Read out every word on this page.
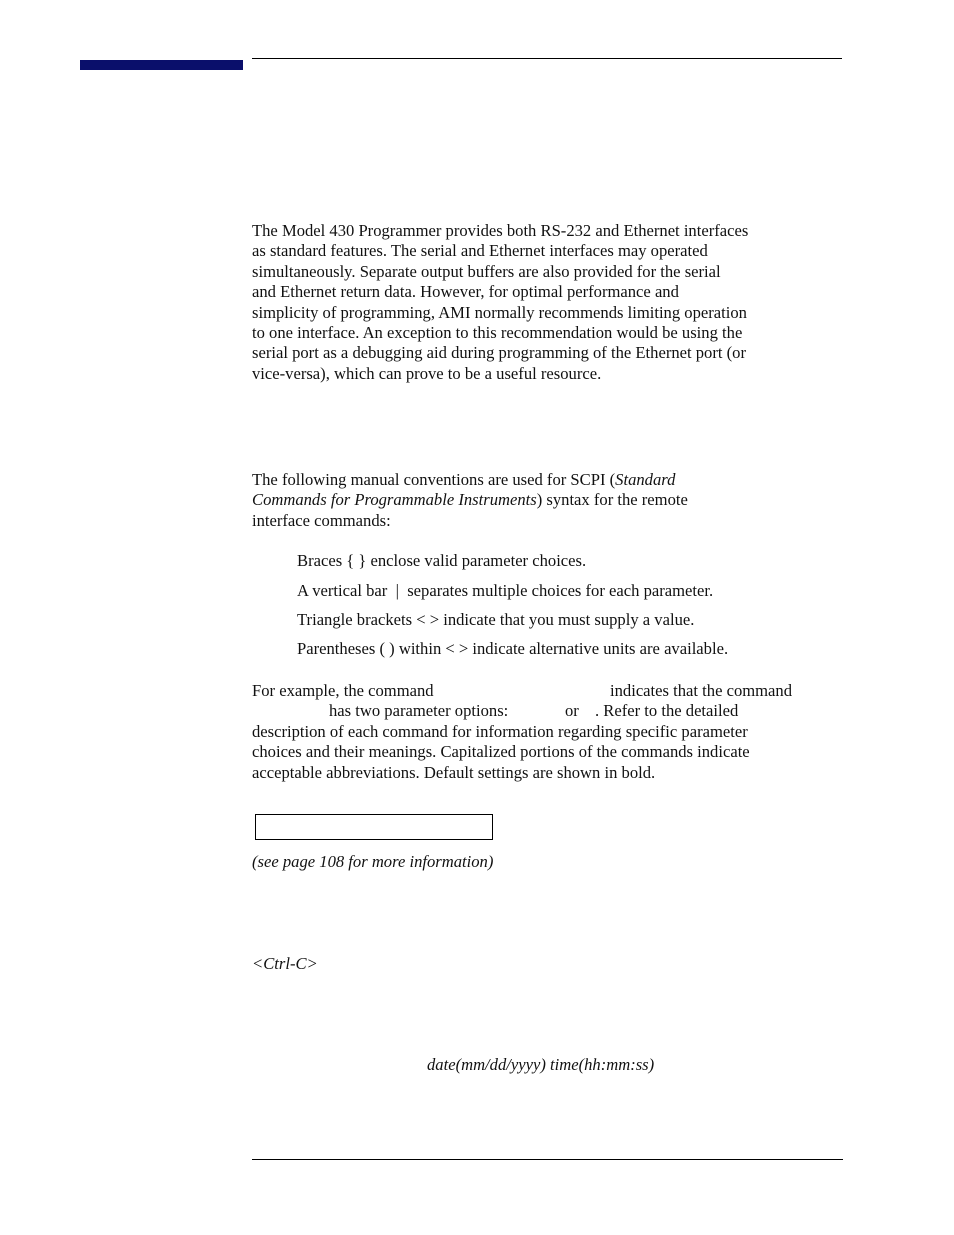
The Model 430 Programmer provides both RS-232 and Ethernet interfaces
as standard features. The serial and Ethernet interfaces may operated
simultaneously. Separate output buffers are also provided for the serial
and Ethernet return data. However, for optimal performance and
simplicity of programming, AMI normally recommends limiting operation
to one interface. An exception to this recommendation would be using the
serial port as a debugging aid during programming of the Ethernet port (or
vice-versa), which can prove to be a useful resource.

The following manual conventions are used for SCPI (Standard
Commands for Programmable Instruments) syntax for the remote
interface commands:

Braces { } enclose valid parameter choices.
A vertical bar  |  separates multiple choices for each parameter.
Triangle brackets < > indicate that you must supply a value.
Parentheses ( ) within < > indicate alternative units are available.
For example, the command	indicates that the command
has two parameter options:	or . Refer to the detailed
description of each command for information regarding specific parameter
choices and their meanings. Capitalized portions of the commands indicate
acceptable abbreviations. Default settings are shown in bold.
(see page 108 for more information)
<Ctrl-C>
date(mm/dd/yyyy) time(hh:mm:ss)
